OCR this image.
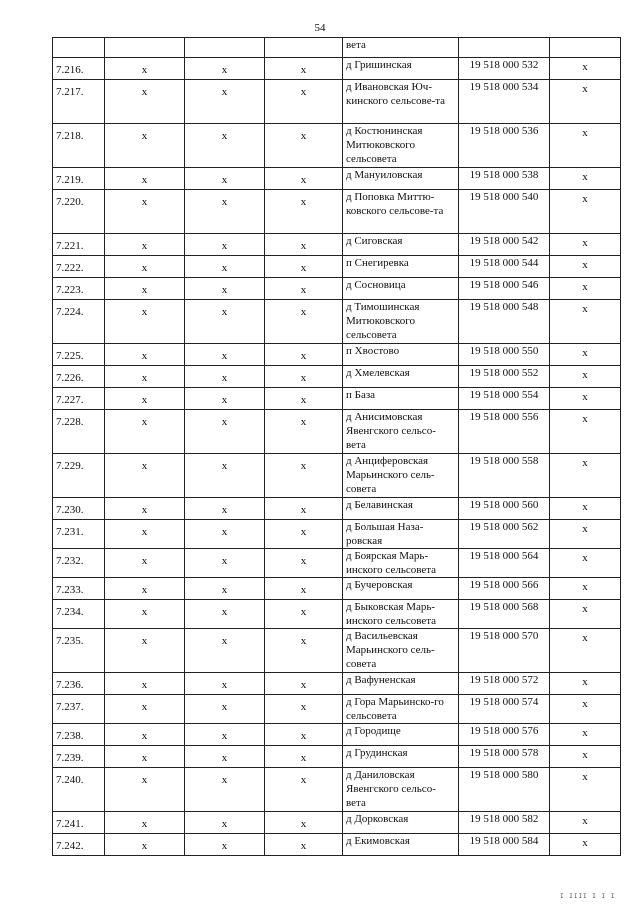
54
				вета		
7.216.	x	x	x	д Гришинская	19 518 000 532	x
7.217.	x	x	x	д Ивановская Юч-кинского сельсове-та	19 518 000 534	x
7.218.	x	x	x	д Костюнинская Митюковского сельсовета	19 518 000 536	x
7.219.	x	x	x	д Мануиловская	19 518 000 538	x
7.220.	x	x	x	д Поповка Миттю-ковского сельсове-та	19 518 000 540	x
7.221.	x	x	x	д Сиговская	19 518 000 542	x
7.222.	x	x	x	п Снегиревка	19 518 000 544	x
7.223.	x	x	x	д Сосновица	19 518 000 546	x
7.224.	x	x	x	д Тимошинская Митюковского сельсовета	19 518 000 548	x
7.225.	x	x	x	п Хвостово	19 518 000 550	x
7.226.	x	x	x	д Хмелевская	19 518 000 552	x
7.227.	x	x	x	п База	19 518 000 554	x
7.228.	x	x	x	д Анисимовская Явенгского сельсо-вета	19 518 000 556	x
7.229.	x	x	x	д Анциферовская Марьинского сель-совета	19 518 000 558	x
7.230.	x	x	x	д Белавинская	19 518 000 560	x
7.231.	x	x	x	д Большая Наза-ровская	19 518 000 562	x
7.232.	x	x	x	д Боярская Марь-инского сельсовета	19 518 000 564	x
7.233.	x	x	x	д Бучеровская	19 518 000 566	x
7.234.	x	x	x	д Быковская Марь-инского сельсовета	19 518 000 568	x
7.235.	x	x	x	д Васильевская Марьинского сель-совета	19 518 000 570	x
7.236.	x	x	x	д Вафуненская	19 518 000 572	x
7.237.	x	x	x	д Гора Марьинско-го сельсовета	19 518 000 574	x
7.238.	x	x	x	д Городище	19 518 000 576	x
7.239.	x	x	x	д Грудинская	19 518 000 578	x
7.240.	x	x	x	д Даниловская Явенгского сельсо-вета	19 518 000 580	x
7.241.	x	x	x	д Дорковская	19 518 000 582	x
7.242.	x	x	x	д Екимовская	19 518 000 584	x
I IIII I I I
